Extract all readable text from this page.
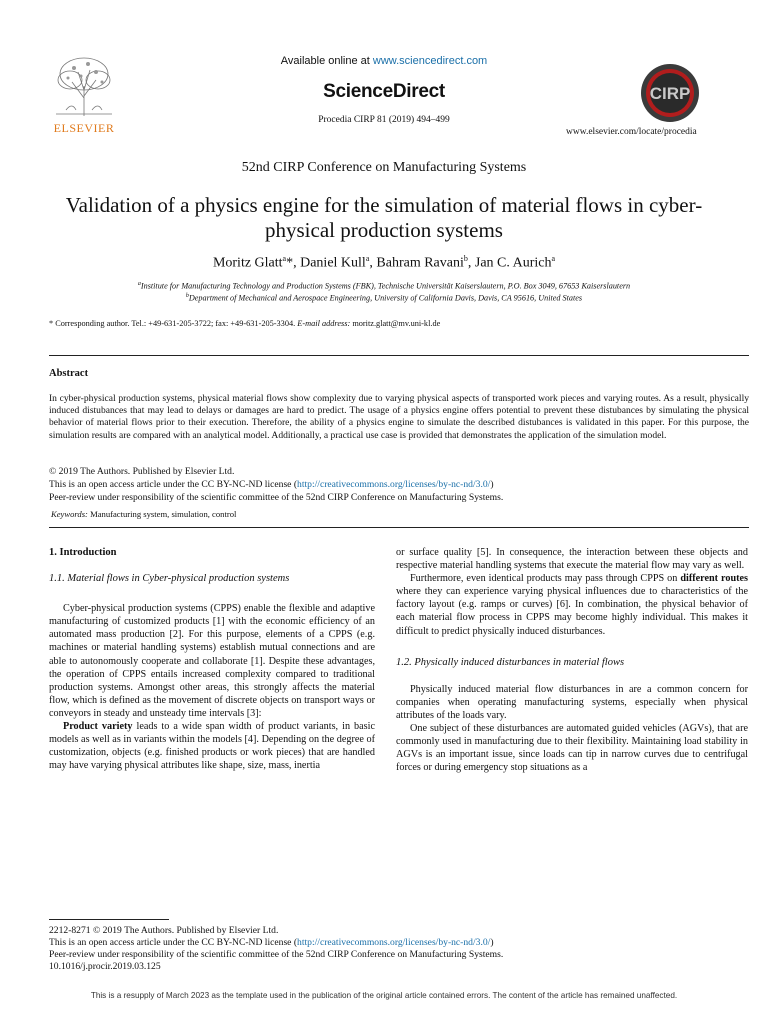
ELSEVIER
Available online at www.sciencedirect.com
ScienceDirect
Procedia CIRP 81 (2019) 494–499
CIRP
www.elsevier.com/locate/procedia
52nd CIRP Conference on Manufacturing Systems
Validation of a physics engine for the simulation of material flows in cyber-physical production systems
Moritz Glatt$^a$*, Daniel Kull$^a$, Bahram Ravani$^b$, Jan C. Aurich$^a$
$^a$Institute for Manufacturing Technology and Production Systems (FBK), Technische Universität Kaiserslautern, P.O. Box 3049, 67653 Kaiserslautern
$^b$Department of Mechanical and Aerospace Engineering, University of California Davis, Davis, CA 95616, United States
* Corresponding author. Tel.: +49-631-205-3722; fax: +49-631-205-3304. E-mail address: moritz.glatt@mv.uni-kl.de
Abstract
In cyber-physical production systems, physical material flows show complexity due to varying physical aspects of transported work pieces and varying routes. As a result, physically induced distubances that may lead to delays or damages are hard to predict. The usage of a physics engine offers potential to prevent these distubances by simulating the physical behavior of material flows prior to their execution. Therefore, the ability of a physics engine to simulate the described distubances is validated in this paper. For this purpose, the simulation results are compared with an analytical model. Additionally, a practical use case is provided that demonstrates the application of the simulation model.
© 2019 The Authors. Published by Elsevier Ltd.
This is an open access article under the CC BY-NC-ND license (http://creativecommons.org/licenses/by-nc-nd/3.0/)
Peer-review under responsibility of the scientific committee of the 52nd CIRP Conference on Manufacturing Systems.
Keywords: Manufacturing system, simulation, control
1. Introduction
1.1. Material flows in Cyber-physical production systems

Cyber-physical production systems (CPPS) enable the flexible and adaptive manufacturing of customized products [1] with the economic efficiency of an automated mass production [2]. For this purpose, elements of a CPPS (e.g. machines or material handling systems) establish mutual connections and are able to autonomously cooperate and collaborate [1]. Despite these advantages, the operation of CPPS entails increased complexity compared to traditional production systems. Amongst other areas, this strongly affects the material flow, which is defined as the movement of discrete objects on transport ways or conveyors in steady and unsteady time intervals [3]:

Product variety leads to a wide span width of product variants, in basic models as well as in variants within the models [4]. Depending on the degree of customization, objects (e.g. finished products or work pieces) that are handled may have varying physical attributes like shape, size, mass, inertia

or surface quality [5]. In consequence, the interaction between these objects and respective material handling systems that execute the material flow may vary as well.

Furthermore, even identical products may pass through CPPS on different routes where they can experience varying physical influences due to characteristics of the factory layout (e.g. ramps or curves) [6]. In combination, the physical behavior of each material flow process in CPPS may become highly individual. This makes it difficult to predict physically induced disturbances.

1.2. Physically induced disturbances in material flows

Physically induced material flow disturbances in are a common concern for companies when operating manufacturing systems, especially when physical attributes of the loads vary.

One subject of these disturbances are automated guided vehicles (AGVs), that are commonly used in manufacturing due to their flexibility. Maintaining load stability in AGVs is an important issue, since loads can tip in narrow curves due to centrifugal forces or during emergency stop situations as a

2212-8271 © 2019 The Authors. Published by Elsevier Ltd.
This is an open access article under the CC BY-NC-ND license (http://creativecommons.org/licenses/by-nc-nd/3.0/)
Peer-review under responsibility of the scientific committee of the 52nd CIRP Conference on Manufacturing Systems.
10.1016/j.procir.2019.03.125
This is a resupply of March 2023 as the template used in the publication of the original article contained errors. The content of the article has remained unaffected.
